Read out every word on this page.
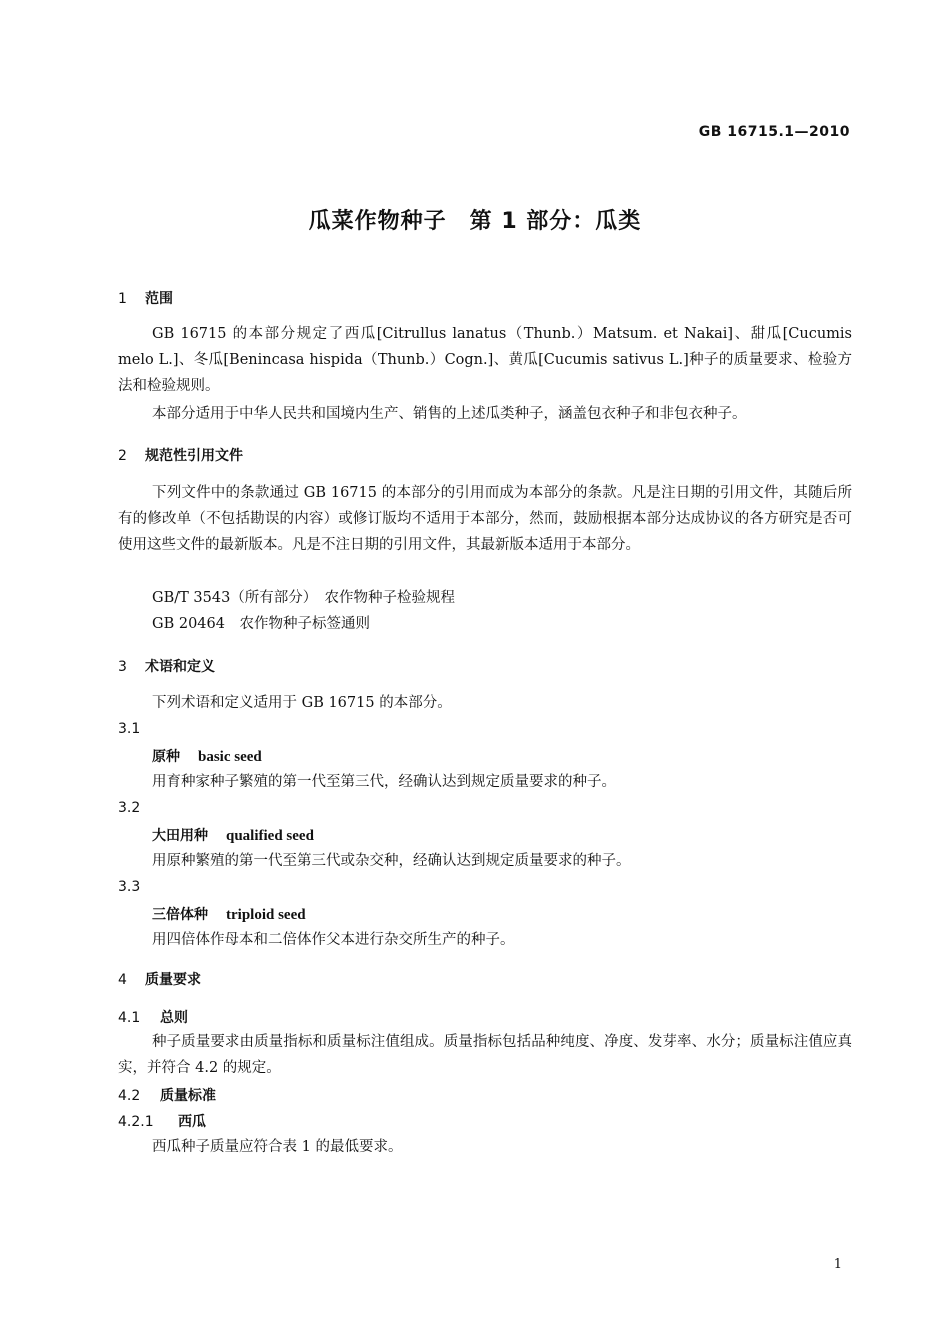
GB 16715.1—2010
瓜菜作物种子　第 1 部分：瓜类
1 范围
GB 16715 的本部分规定了西瓜[Citrullus lanatus（Thunb.）Matsum. et Nakai]、甜瓜[Cucumis melo L.]、冬瓜[Benincasa hispida（Thunb.）Cogn.]、黄瓜[Cucumis sativus L.]种子的质量要求、检验方法和检验规则。
本部分适用于中华人民共和国境内生产、销售的上述瓜类种子，涵盖包衣种子和非包衣种子。
2 规范性引用文件
下列文件中的条款通过 GB 16715 的本部分的引用而成为本部分的条款。凡是注日期的引用文件，其随后所有的修改单（不包括勘误的内容）或修订版均不适用于本部分，然而，鼓励根据本部分达成协议的各方研究是否可使用这些文件的最新版本。凡是不注日期的引用文件，其最新版本适用于本部分。
GB/T 3543（所有部分）　农作物种子检验规程
GB 20464　农作物种子标签通则
3 术语和定义
下列术语和定义适用于 GB 16715 的本部分。
3.1
原种 basic seed
用育种家种子繁殖的第一代至第三代，经确认达到规定质量要求的种子。
3.2
大田用种 qualified seed
用原种繁殖的第一代至第三代或杂交种，经确认达到规定质量要求的种子。
3.3
三倍体种 triploid seed
用四倍体作母本和二倍体作父本进行杂交所生产的种子。
4 质量要求
4.1 总则
种子质量要求由质量指标和质量标注值组成。质量指标包括品种纯度、净度、发芽率、水分；质量标注值应真实，并符合 4.2 的规定。
4.2 质量标准
4.2.1 西瓜
西瓜种子质量应符合表 1 的最低要求。
1
